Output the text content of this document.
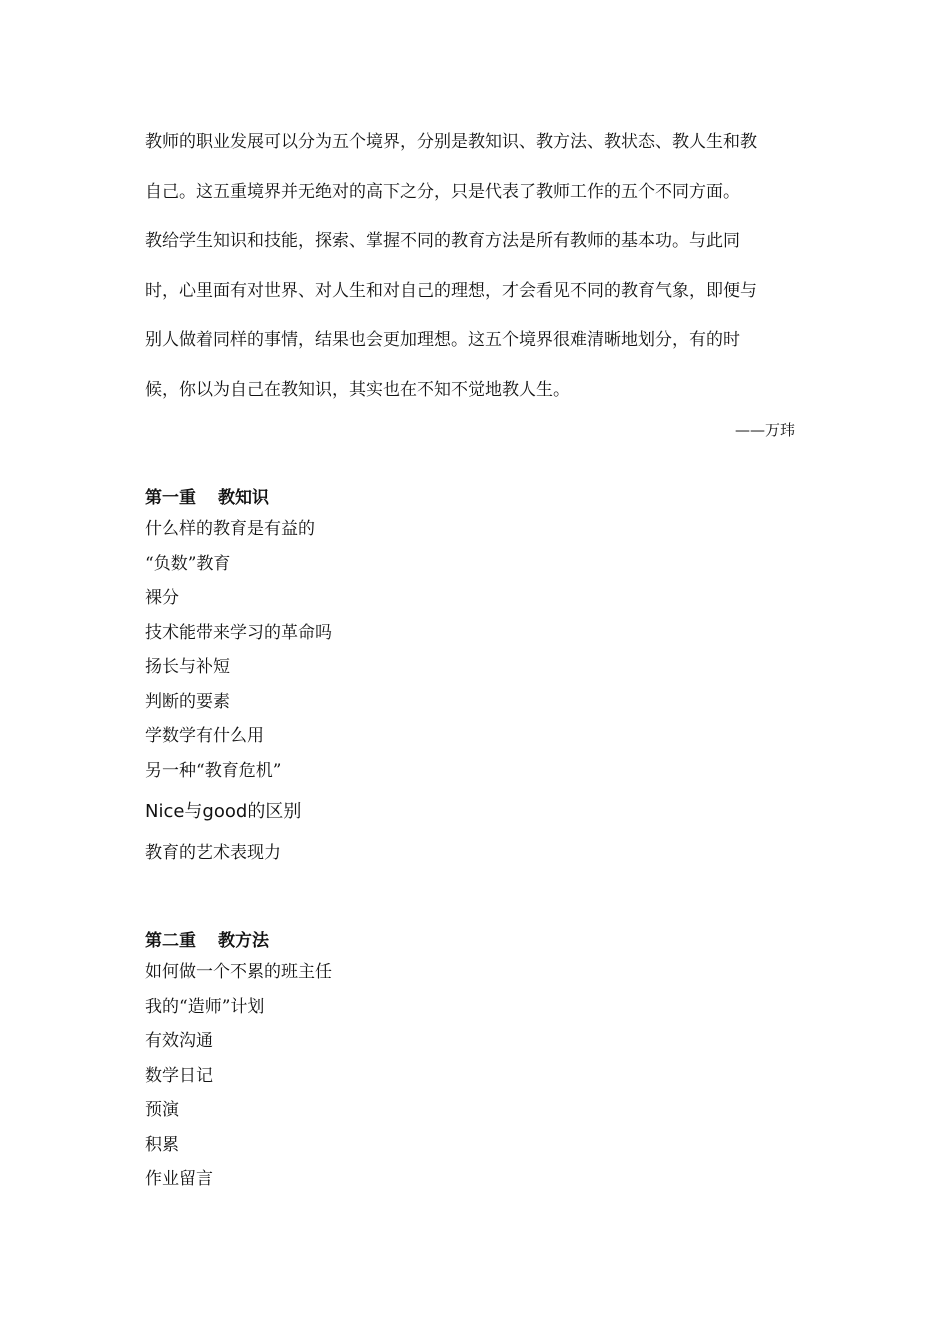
教师的职业发展可以分为五个境界，分别是教知识、教方法、教状态、教人生和教

自己。这五重境界并无绝对的高下之分，只是代表了教师工作的五个不同方面。

教给学生知识和技能，探索、掌握不同的教育方法是所有教师的基本功。与此同

时，心里面有对世界、对人生和对自己的理想，才会看见不同的教育气象，即便与

别人做着同样的事情，结果也会更加理想。这五个境界很难清晰地划分，有的时

候，你以为自己在教知识，其实也在不知不觉地教人生。

——万玮

第一重 教知识

什么样的教育是有益的

“负数”教育

裸分

技术能带来学习的革命吗

扬长与补短

判断的要素

学数学有什么用

另一种“教育危机”

Nice与good的区别

教育的艺术表现力

第二重 教方法

如何做一个不累的班主任

我的“造师”计划

有效沟通

数学日记

预演

积累

作业留言
